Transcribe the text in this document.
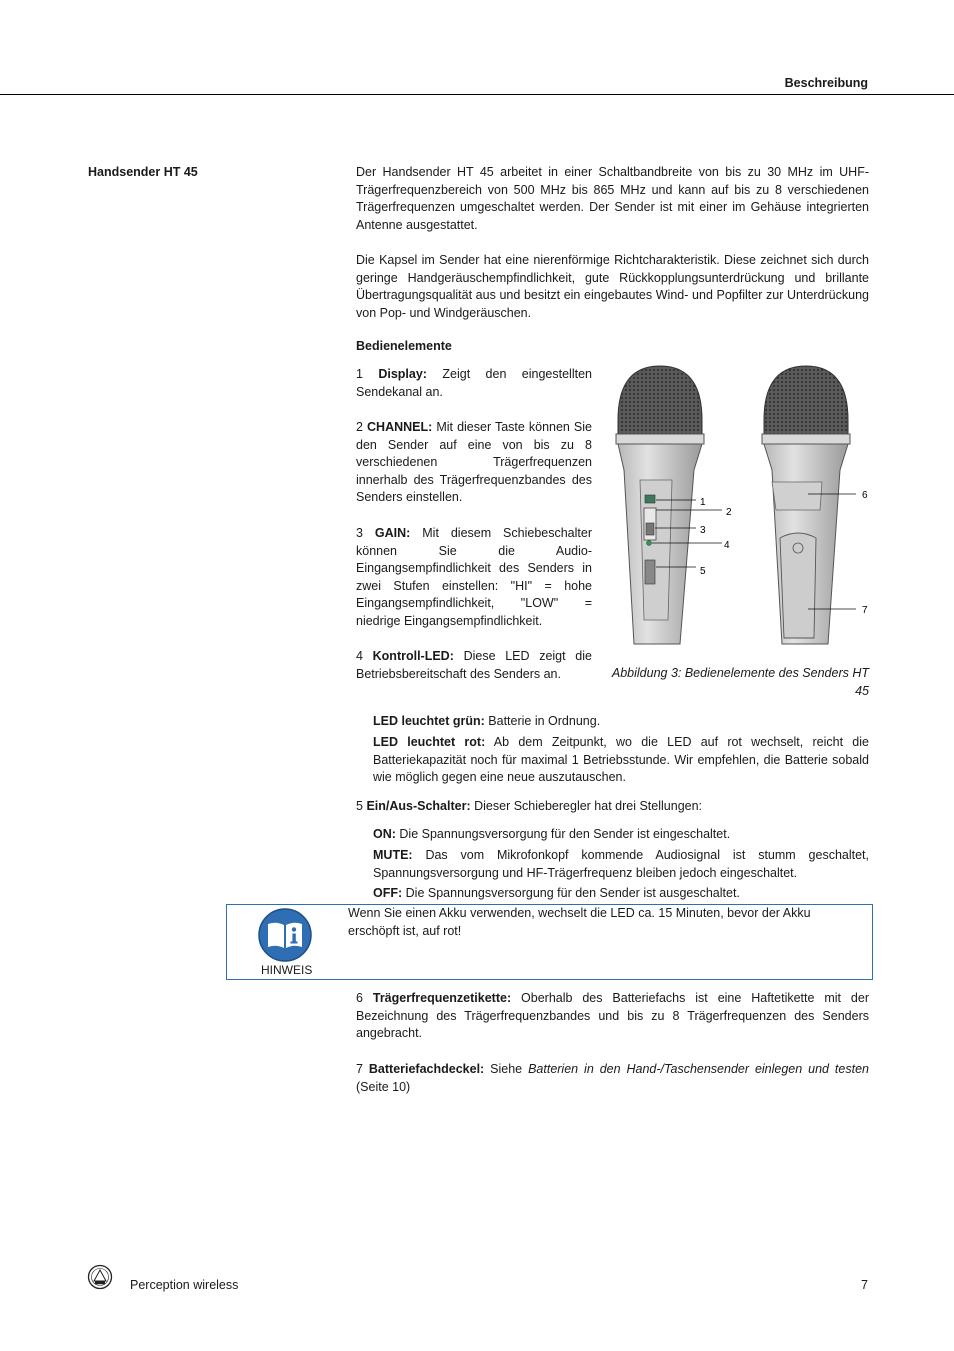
Beschreibung
Handsender HT 45	Der Handsender HT 45 arbeitet in einer Schaltbandbreite von bis zu 30 MHz im UHF-Trägerfrequenzbereich von 500 MHz bis 865 MHz und kann auf bis zu 8 verschiedenen Trägerfrequenzen umgeschaltet werden. Der Sender ist mit einer im Gehäuse integrierten Antenne ausgestattet.

Die Kapsel im Sender hat eine nierenförmige Richtcharakteristik. Diese zeichnet sich durch geringe Handgeräuschempfindlichkeit, gute Rückkopplungsunterdrückung und brillante Übertragungsqualität aus und besitzt ein eingebautes Wind- und Popfilter zur Unterdrückung von Pop- und Windgeräuschen.

Bedienelemente

1 Display: Zeigt den eingestellten Sendekanal an.

2 CHANNEL: Mit dieser Taste können Sie den Sender auf eine von bis zu 8 verschiedenen Trägerfrequenzen innerhalb des Trägerfrequenzbandes des Senders einstellen.

3 GAIN: Mit diesem Schiebeschalter können Sie die Audio-Eingangsempfindlichkeit des Senders in zwei Stufen einstellen: "HI" = hohe Eingangsempfindlichkeit, "LOW" = niedrige Eingangsempfindlichkeit.

4 Kontroll-LED: Diese LED zeigt die Betriebsbereitschaft des Senders an.

1
2
3
4
5
6
7
Abbildung 3: Bedienelemente des Senders HT 45

LED leuchtet grün: Batterie in Ordnung.

LED leuchtet rot: Ab dem Zeitpunkt, wo die LED auf rot wechselt, reicht die Batteriekapazität noch für maximal 1 Betriebsstunde. Wir empfehlen, die Batterie sobald wie möglich gegen eine neue auszutauschen.

5 Ein/Aus-Schalter: Dieser Schieberegler hat drei Stellungen:

ON: Die Spannungsversorgung für den Sender ist eingeschaltet.

MUTE: Das vom Mikrofonkopf kommende Audiosignal ist stumm geschaltet, Spannungsversorgung und HF-Trägerfrequenz bleiben jedoch eingeschaltet.

OFF: Die Spannungsversorgung für den Sender ist ausgeschaltet.

HINWEIS

Wenn Sie einen Akku verwenden, wechselt die LED ca. 15 Minuten, bevor der Akku erschöpft ist, auf rot!

6 Trägerfrequenzetikette: Oberhalb des Batteriefachs ist eine Haftetikette mit der Bezeichnung des Trägerfrequenzbandes und bis zu 8 Trägerfrequenzen des Senders angebracht.

7 Batteriefachdeckel: Siehe Batterien in den Hand-/Taschensender einlegen und testen (Seite 10)

Perception wireless	7
